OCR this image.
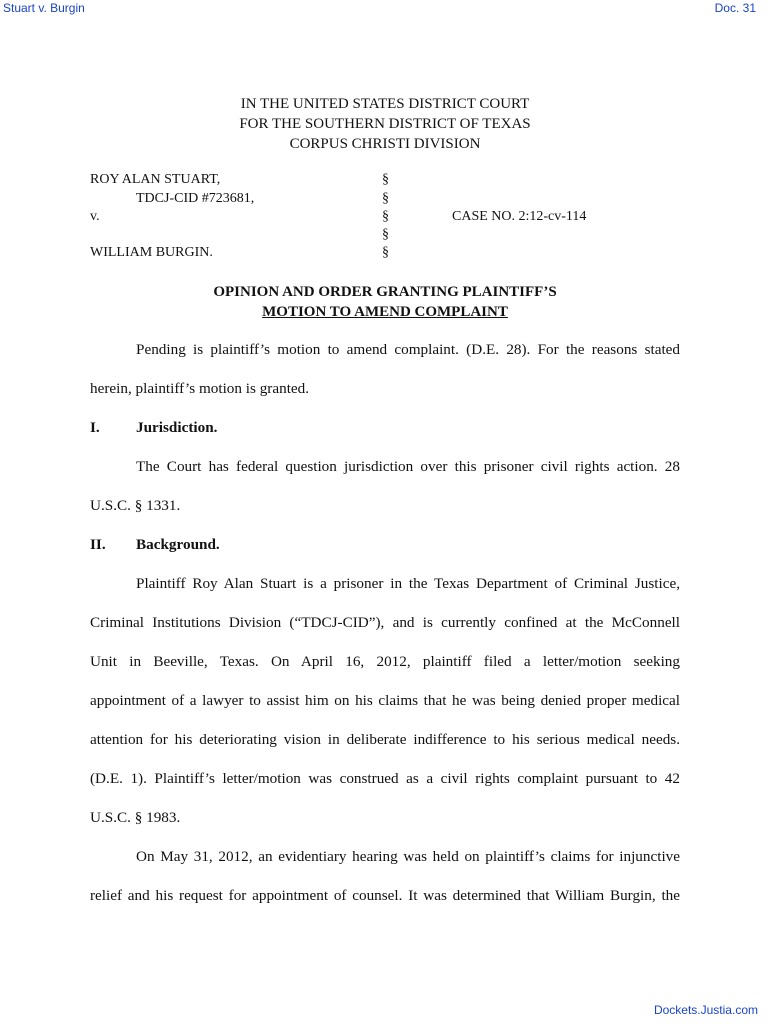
Stuart v. Burgin	Doc. 31
IN THE UNITED STATES DISTRICT COURT
FOR THE SOUTHERN DISTRICT OF TEXAS
CORPUS CHRISTI DIVISION
ROY ALAN STUART,
TDCJ-CID #723681,
v.
WILLIAM BURGIN.
§
§
§
§
§
CASE NO. 2:12-cv-114
OPINION AND ORDER GRANTING PLAINTIFF’S
MOTION TO AMEND COMPLAINT
Pending is plaintiff’s motion to amend complaint. (D.E. 28). For the reasons stated
herein, plaintiff’s motion is granted.
I. Jurisdiction.
The Court has federal question jurisdiction over this prisoner civil rights action. 28
U.S.C. § 1331.
II. Background.
Plaintiff Roy Alan Stuart is a prisoner in the Texas Department of Criminal Justice,
Criminal Institutions Division (“TDCJ-CID”), and is currently confined at the McConnell
Unit in Beeville, Texas. On April 16, 2012, plaintiff filed a letter/motion seeking
appointment of a lawyer to assist him on his claims that he was being denied proper medical
attention for his deteriorating vision in deliberate indifference to his serious medical needs.
(D.E. 1). Plaintiff’s letter/motion was construed as a civil rights complaint pursuant to 42
U.S.C. § 1983.
On May 31, 2012, an evidentiary hearing was held on plaintiff’s claims for injunctive
relief and his request for appointment of counsel. It was determined that William Burgin, the
Dockets.Justia.com
